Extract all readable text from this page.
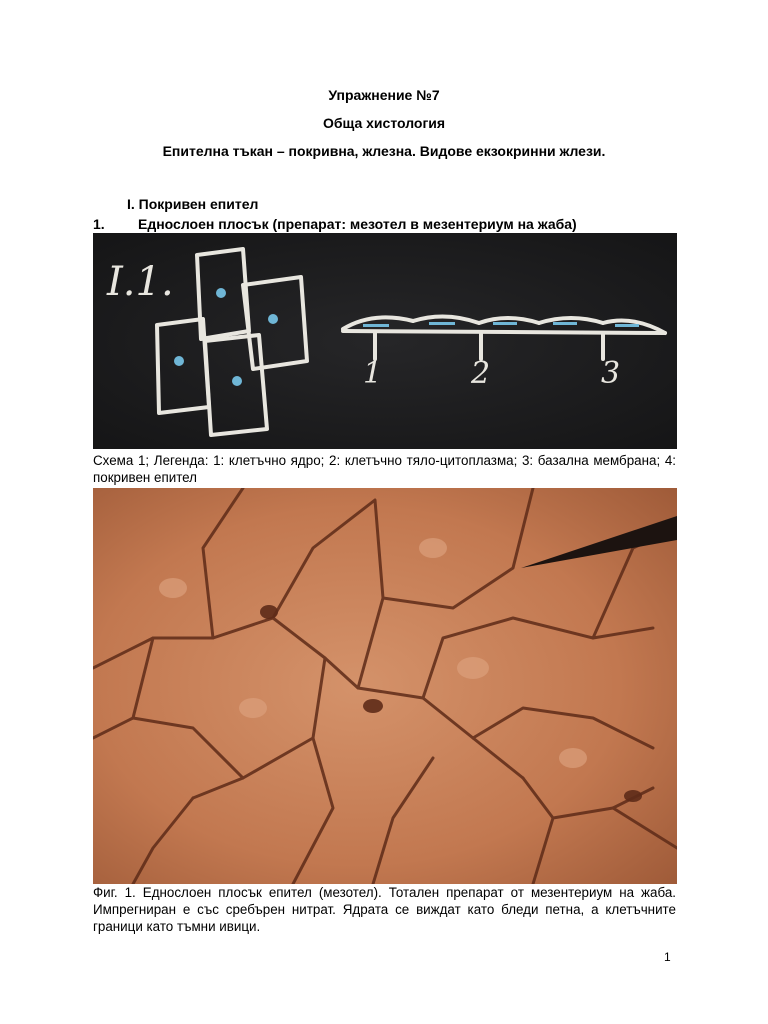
Упражнение №7
Обща хистология
Епителна тъкан – покривна, жлезна. Видове екзокринни жлези.
I. Покривен епител
1. Еднослоен плосък (препарат: мезотел в мезентериум на жаба)
I.1.
1	2	3
Схема 1; Легенда: 1: клетъчно ядро; 2: клетъчно тяло-цитоплазма; 3: базална мембрана; 4: покривен епител
Фиг. 1. Еднослоен плосък епител (мезотел). Тотален препарат от мезентериум на жаба. Импрегниран е със сребърен нитрат. Ядрата се виждат като бледи петна, а клетъчните граници като тъмни ивици.
1
